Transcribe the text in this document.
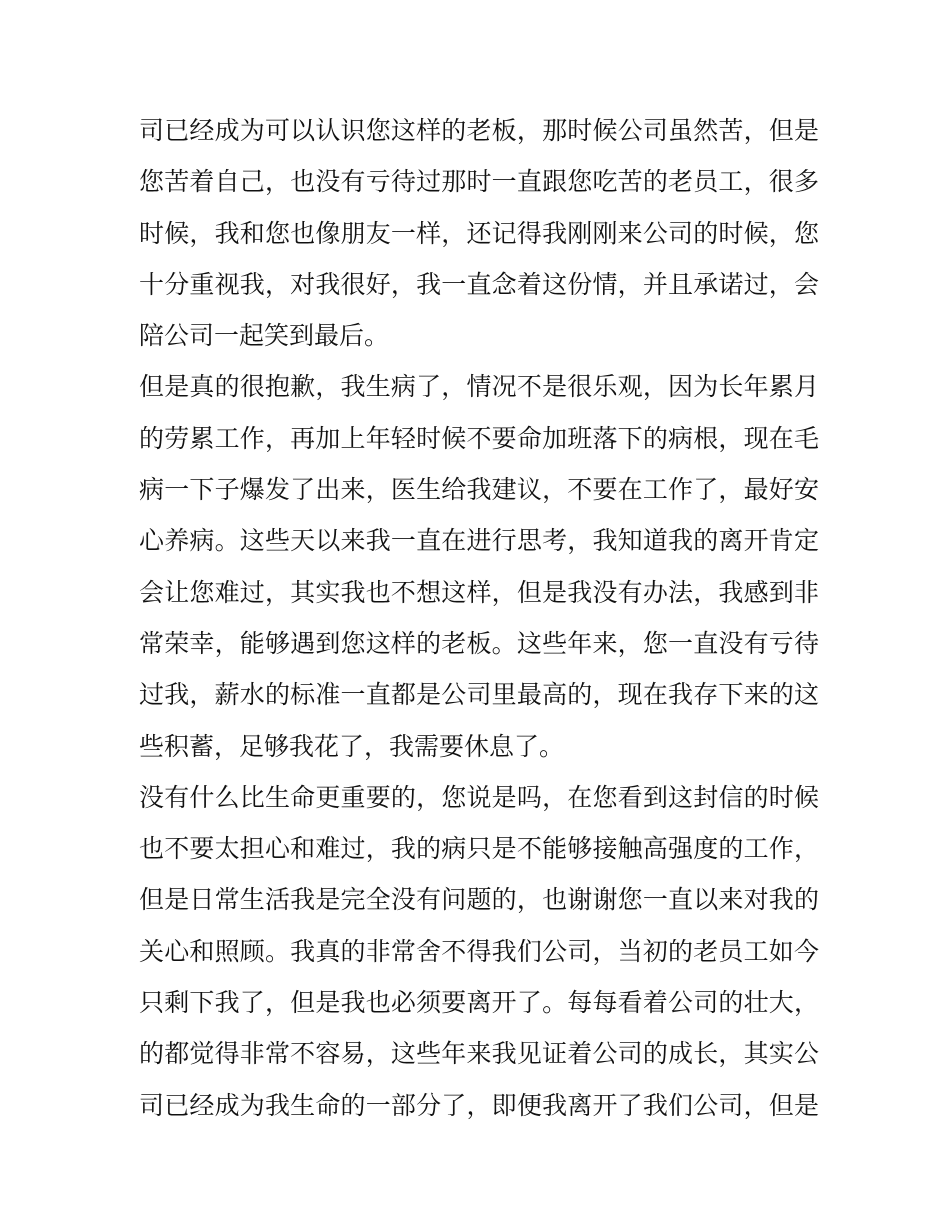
司已经成为可以认识您这样的老板，那时候公司虽然苦，但是
您苦着自己，也没有亏待过那时一直跟您吃苦的老员工，很多
时候，我和您也像朋友一样，还记得我刚刚来公司的时候，您
十分重视我，对我很好，我一直念着这份情，并且承诺过，会
陪公司一起笑到最后。
但是真的很抱歉，我生病了，情况不是很乐观，因为长年累月
的劳累工作，再加上年轻时候不要命加班落下的病根，现在毛
病一下子爆发了出来，医生给我建议，不要在工作了，最好安
心养病。这些天以来我一直在进行思考，我知道我的离开肯定
会让您难过，其实我也不想这样，但是我没有办法，我感到非
常荣幸，能够遇到您这样的老板。这些年来，您一直没有亏待
过我，薪水的标准一直都是公司里最高的，现在我存下来的这
些积蓄，足够我花了，我需要休息了。
没有什么比生命更重要的，您说是吗，在您看到这封信的时候
也不要太担心和难过，我的病只是不能够接触高强度的工作，
但是日常生活我是完全没有问题的，也谢谢您一直以来对我的
关心和照顾。我真的非常舍不得我们公司，当初的老员工如今
只剩下我了，但是我也必须要离开了。每每看着公司的壮大，
的都觉得非常不容易，这些年来我见证着公司的成长，其实公
司已经成为我生命的一部分了，即便我离开了我们公司，但是
